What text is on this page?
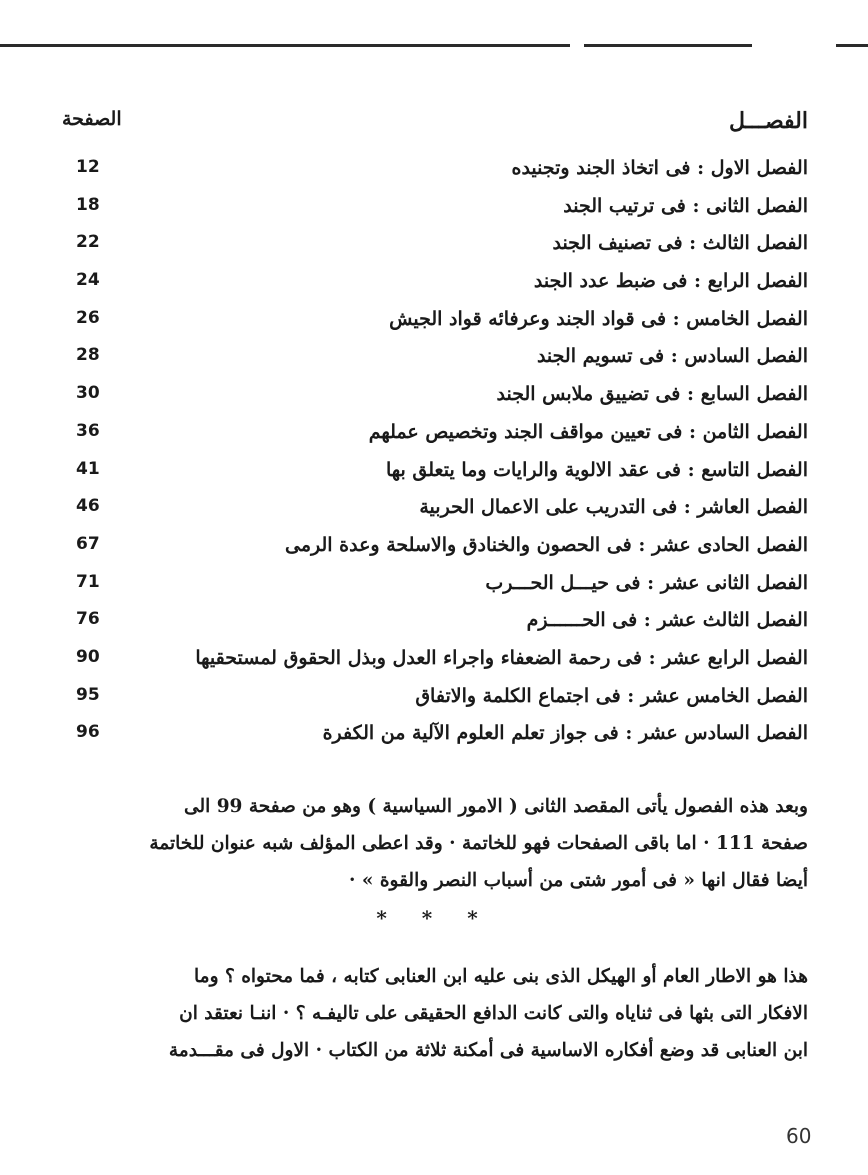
الفصـــل
الصفحة
الفصل الاول : فى اتخاذ الجند وتجنيده
12
الفصل الثانى : فى ترتيب الجند
18
الفصل الثالث : فى تصنيف الجند
22
الفصل الرابع : فى ضبط عدد الجند
24
الفصل الخامس : فى قواد الجند وعرفائه قواد الجيش
26
الفصل السادس : فى تسويم الجند
28
الفصل السابع : فى تضييق ملابس الجند
30
الفصل الثامن : فى تعيين مواقف الجند وتخصيص عملهم
36
الفصل التاسع : فى عقد الالوية والرايات وما يتعلق بها
41
الفصل العاشر : فى التدريب على الاعمال الحربية
46
الفصل الحادى عشر : فى الحصون والخنادق والاسلحة وعدة الرمى
67
الفصل الثانى عشر : فى حيـــل الحـــرب
71
الفصل الثالث عشر : فى الحــــــزم
76
الفصل الرابع عشر : فى رحمة الضعفاء واجراء العدل وبذل الحقوق لمستحقيها
90
الفصل الخامس عشر : فى اجتماع الكلمة والاتفاق
95
الفصل السادس عشر : فى جواز تعلم العلوم الآلية من الكفرة
96
وبعد هذه الفصول يأتى المقصد الثانى ( الامور السياسية ) وهو من صفحة 99 الى
صفحة 111 · اما باقى الصفحات فهو للخاتمة · وقد اعطى المؤلف شبه عنوان للخاتمة
أيضا فقال انها « فى أمور شتى من أسباب النصر والقوة » ·
* * *
هذا هو الاطار العام أو الهيكل الذى بنى عليه ابن العنابى كتابه ، فما محتواه ؟ وما
الافكار التى بثها فى ثناياه والتى كانت الدافع الحقيقى على تاليفـه ؟ · اننـا نعتقد ان
ابن العنابى قد وضع أفكاره الاساسية فى أمكنة ثلاثة من الكتاب · الاول فى مقـــدمة
60
